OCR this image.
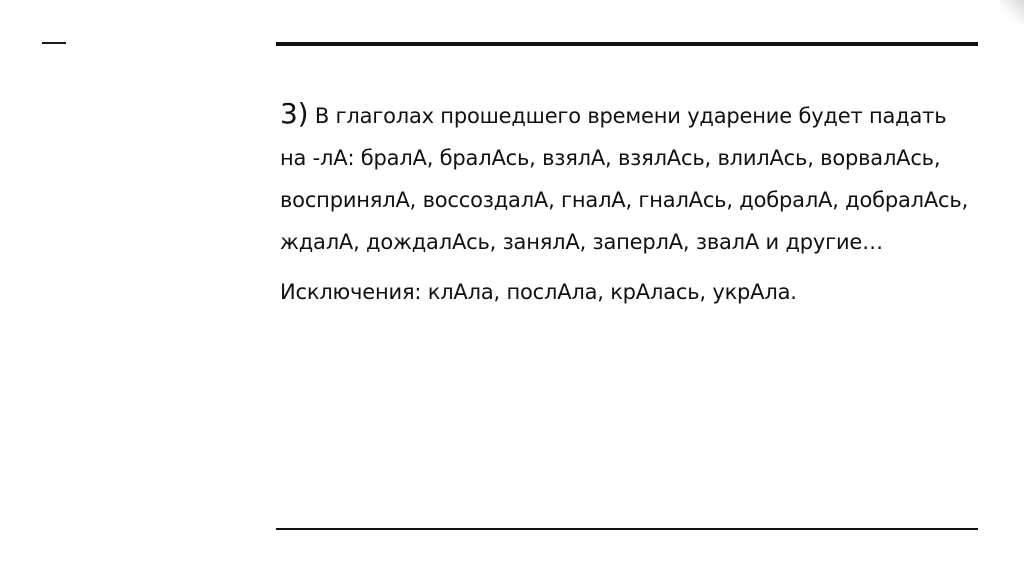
3) В глаголах прошедшего времени ударение будет падать на -лА: бралА, бралАсь, взялА, взялАсь, влилАсь, ворвалАсь, воспринялА, воссоздалА, гналА, гналАсь, добралА, добралАсь, ждалА, дождалАсь, занялА, заперлА, звалА и другие…

Исключения: клАла, послАла, крАлась, укрАла.
